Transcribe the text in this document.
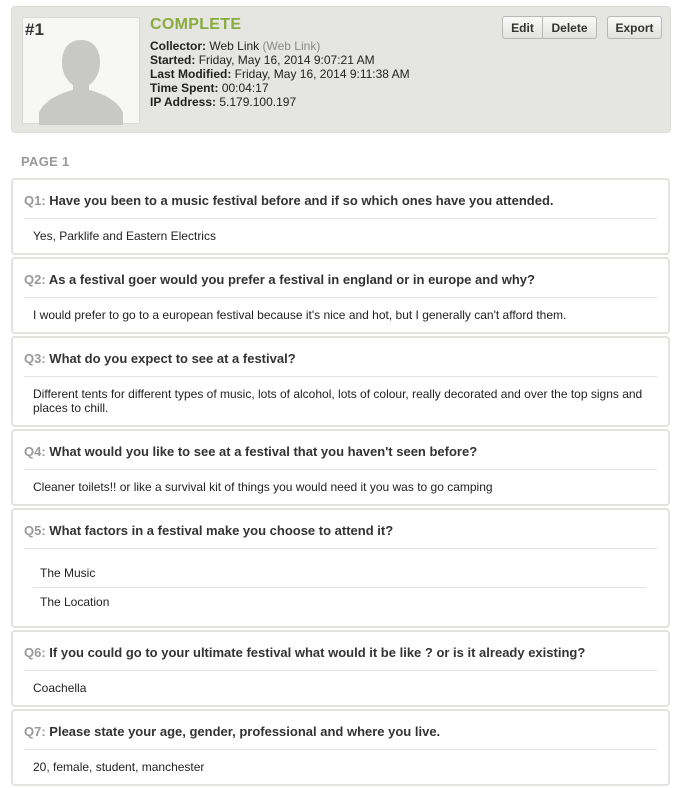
#1	COMPLETE
Collector: Web Link (Web Link)
Started: Friday, May 16, 2014 9:07:21 AM
Last Modified: Friday, May 16, 2014 9:11:38 AM
Time Spent: 00:04:17
IP Address: 5.179.100.197
Edit	Delete	Export
PAGE 1
Q1: Have you been to a music festival before and if so which ones have you attended.
Yes, Parklife and Eastern Electrics
Q2: As a festival goer would you prefer a festival in england or in europe and why?
I would prefer to go to a european festival because it's nice and hot, but I generally can't afford them.
Q3: What do you expect to see at a festival?
Different tents for different types of music, lots of alcohol, lots of colour, really decorated and over the top signs and places to chill.
Q4: What would you like to see at a festival that you haven't seen before?
Cleaner toilets!! or like a survival kit of things you would need it you was to go camping
Q5: What factors in a festival make you choose to attend it?
The Music
The Location
Q6: If you could go to your ultimate festival what would it be like ? or is it already existing?
Coachella
Q7: Please state your age, gender, professional and where you live.
20, female, student, manchester
